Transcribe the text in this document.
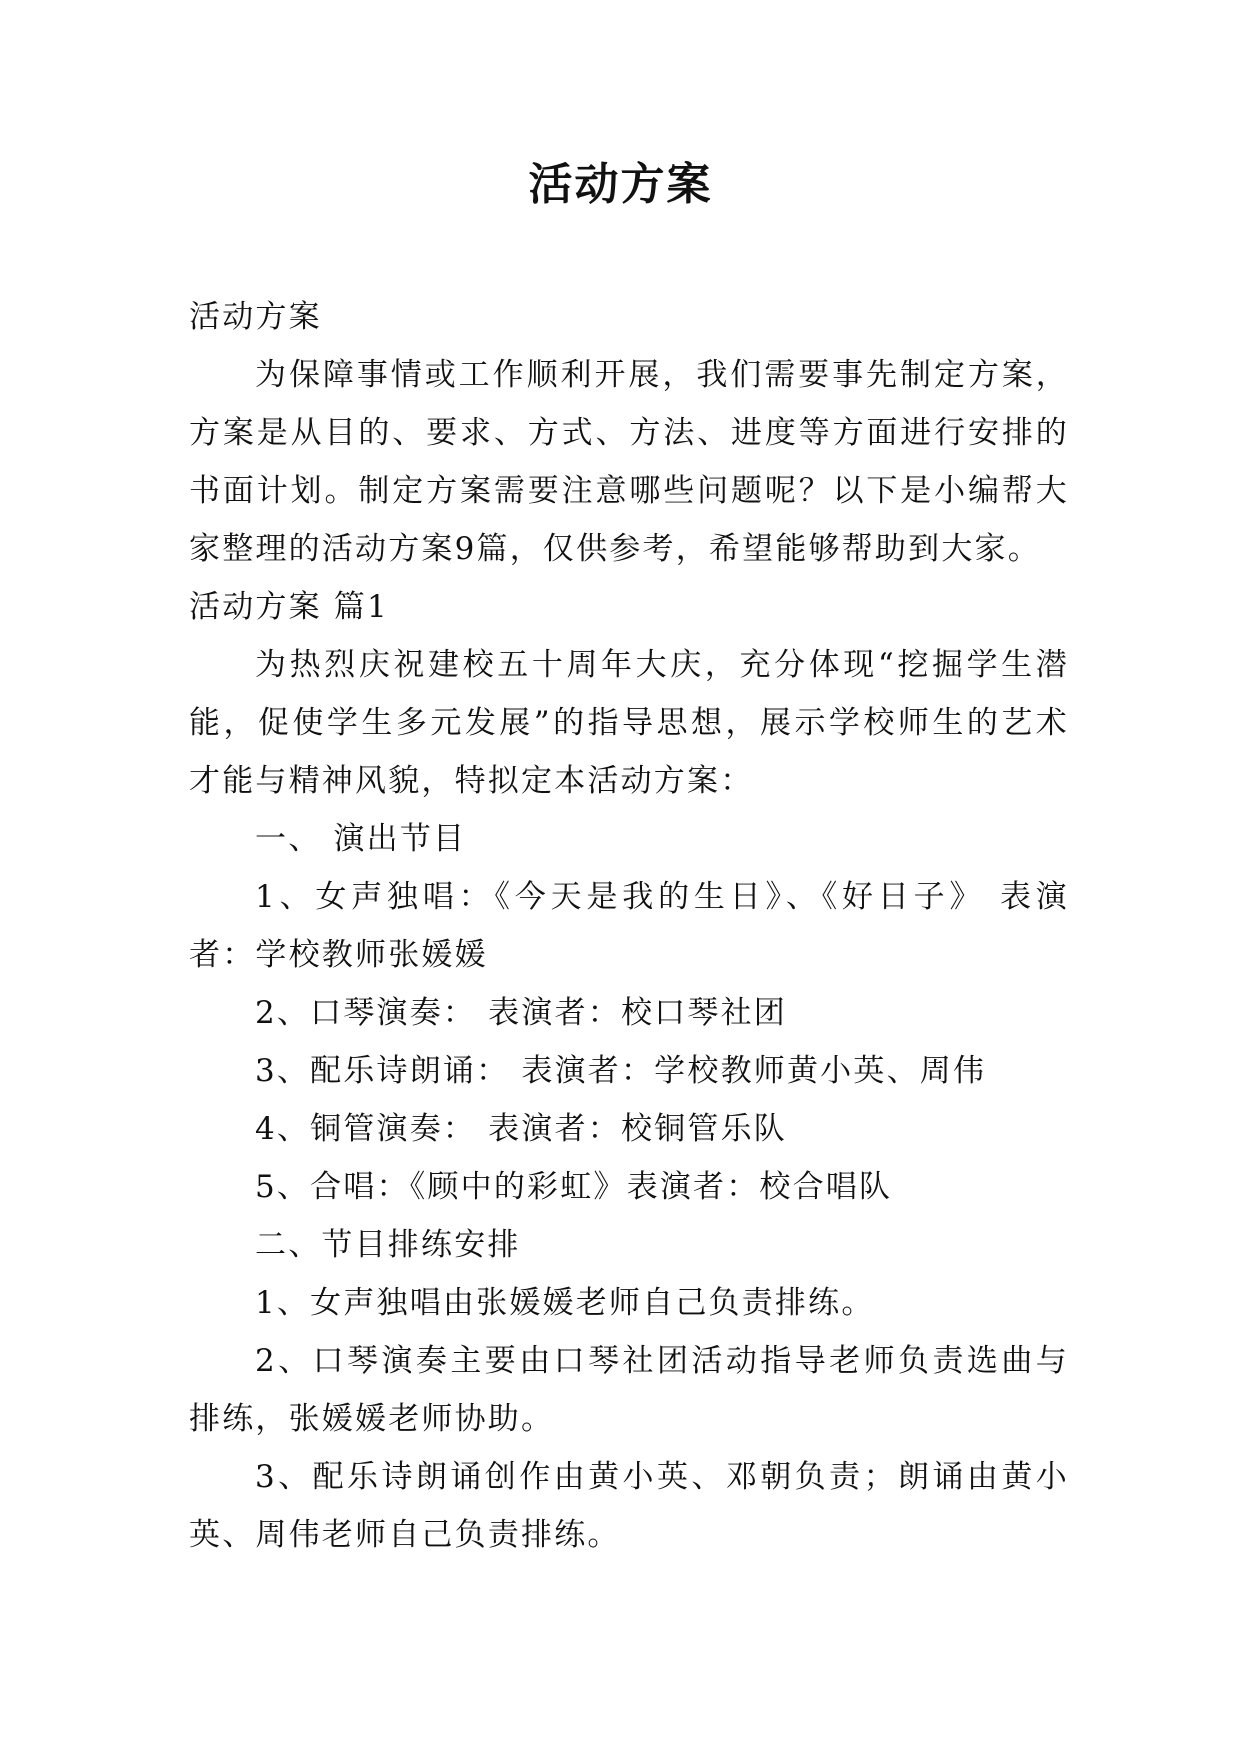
活动方案

活动方案

为保障事情或工作顺利开展，我们需要事先制定方案，方案是从目的、要求、方式、方法、进度等方面进行安排的书面计划。制定方案需要注意哪些问题呢？以下是小编帮大家整理的活动方案9篇，仅供参考，希望能够帮助到大家。

活动方案 篇1

为热烈庆祝建校五十周年大庆，充分体现“挖掘学生潜能，促使学生多元发展”的指导思想，展示学校师生的艺术才能与精神风貌，特拟定本活动方案：

一、 演出节目

1、女声独唱：《今天是我的生日》、《好日子》 表演者：学校教师张媛媛

2、口琴演奏： 表演者：校口琴社团

3、配乐诗朗诵： 表演者：学校教师黄小英、周伟

4、铜管演奏： 表演者：校铜管乐队

5、合唱：《顾中的彩虹》表演者：校合唱队

二、节目排练安排

1、女声独唱由张媛媛老师自己负责排练。

2、口琴演奏主要由口琴社团活动指导老师负责选曲与排练，张媛媛老师协助。

3、配乐诗朗诵创作由黄小英、邓朝负责；朗诵由黄小英、周伟老师自己负责排练。
